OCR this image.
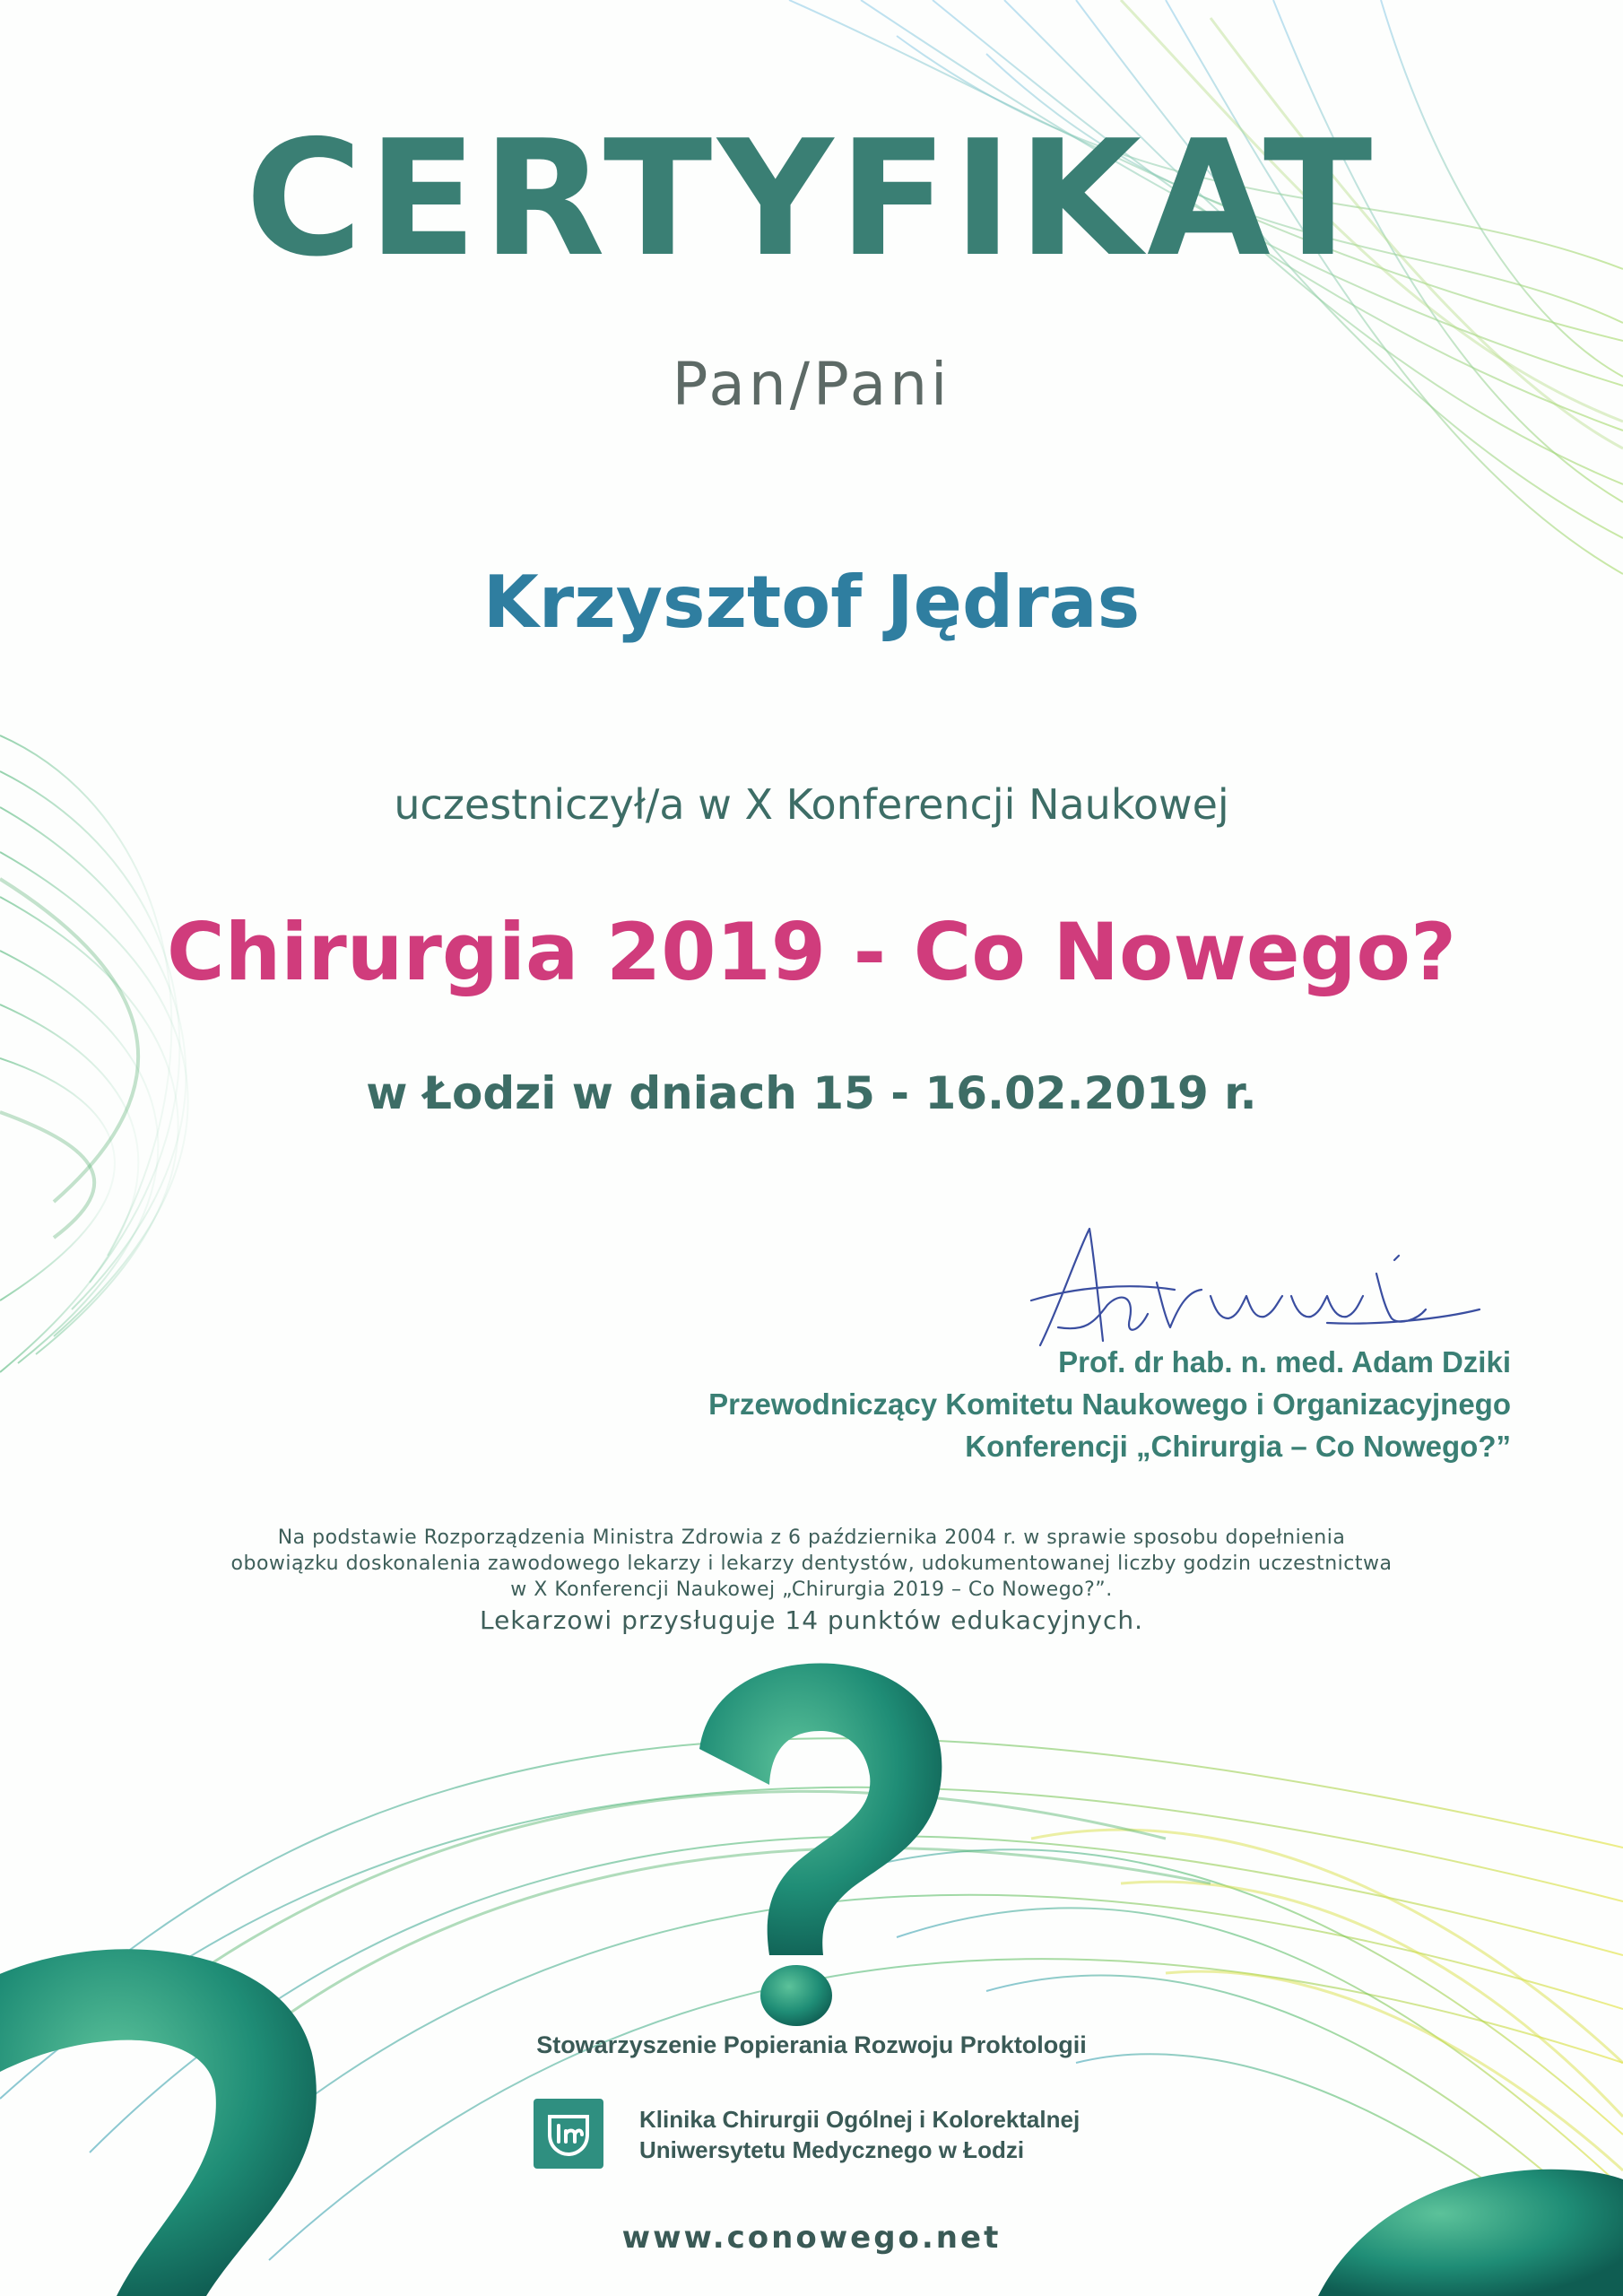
CERTYFIKAT

Pan/Pani

Krzysztof Jędras

uczestniczył/a w X Konferencji Naukowej

Chirurgia 2019 - Co Nowego?

w Łodzi w dniach 15 - 16.02.2019 r.

Prof. dr hab. n. med. Adam Dziki
Przewodniczący Komitetu Naukowego i Organizacyjnego
Konferencji „Chirurgia – Co Nowego?”

Na podstawie Rozporządzenia Ministra Zdrowia z 6 października 2004 r. w sprawie sposobu dopełnienia

obowiązku doskonalenia zawodowego lekarzy i lekarzy dentystów, udokumentowanej liczby godzin uczestnictwa

w X Konferencji Naukowej „Chirurgia 2019 – Co Nowego?”.

Lekarzowi przysługuje 14 punktów edukacyjnych.

Stowarzyszenie Popierania Rozwoju Proktologii

Klinika Chirurgii Ogólnej i Kolorektalnej

Uniwersytetu Medycznego w Łodzi

www.conowego.net
